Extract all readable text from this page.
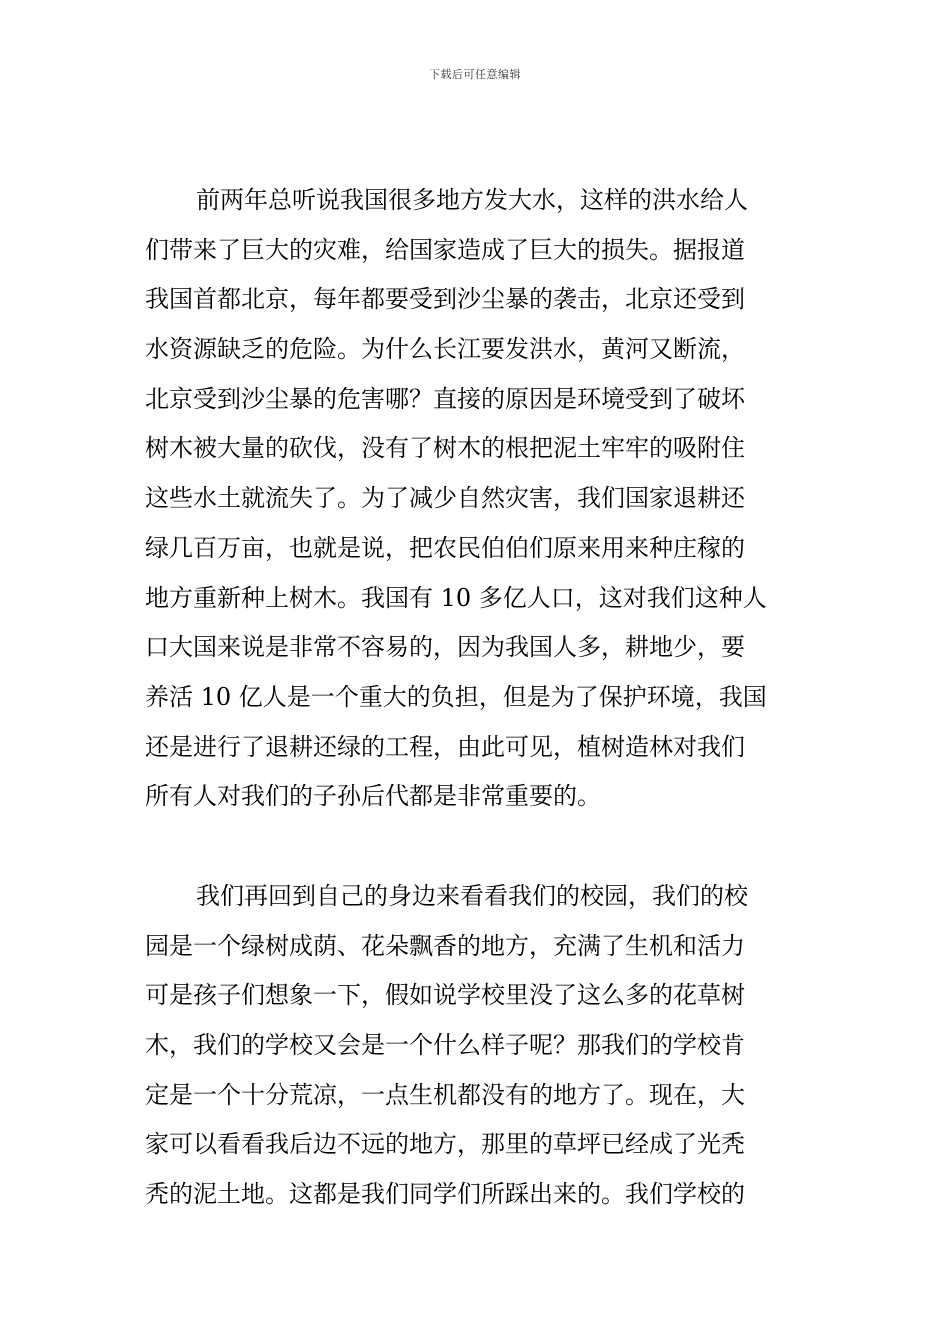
下载后可任意编辑
前两年总听说我国很多地方发大水，这样的洪水给人
们带来了巨大的灾难，给国家造成了巨大的损失。据报道
我国首都北京，每年都要受到沙尘暴的袭击，北京还受到
水资源缺乏的危险。为什么长江要发洪水，黄河又断流，
北京受到沙尘暴的危害哪？直接的原因是环境受到了破坏
树木被大量的砍伐，没有了树木的根把泥土牢牢的吸附住
这些水土就流失了。为了减少自然灾害，我们国家退耕还
绿几百万亩，也就是说，把农民伯伯们原来用来种庄稼的
地方重新种上树木。我国有 10 多亿人口，这对我们这种人
口大国来说是非常不容易的，因为我国人多，耕地少，要
养活 10 亿人是一个重大的负担，但是为了保护环境，我国
还是进行了退耕还绿的工程，由此可见，植树造林对我们
所有人对我们的子孙后代都是非常重要的。
我们再回到自己的身边来看看我们的校园，我们的校
园是一个绿树成荫、花朵飘香的地方，充满了生机和活力
可是孩子们想象一下，假如说学校里没了这么多的花草树
木，我们的学校又会是一个什么样子呢？那我们的学校肯
定是一个十分荒凉，一点生机都没有的地方了。现在，大
家可以看看我后边不远的地方，那里的草坪已经成了光秃
秃的泥土地。这都是我们同学们所踩出来的。我们学校的
